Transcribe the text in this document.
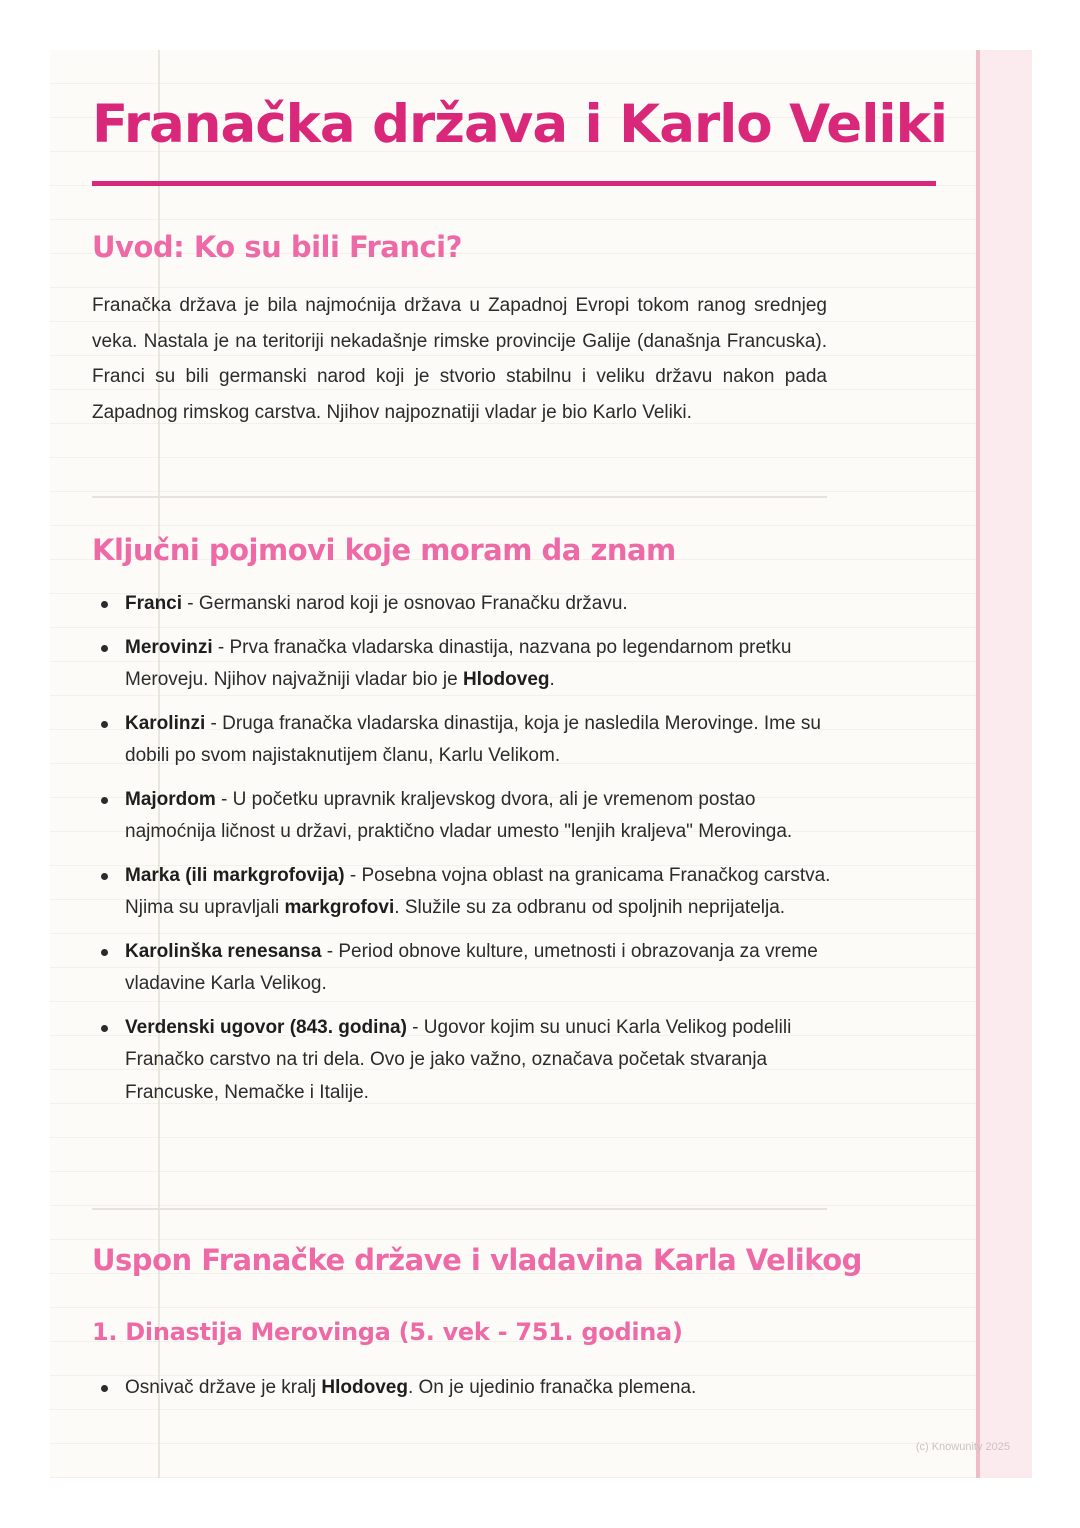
Franačka država i Karlo Veliki
Uvod: Ko su bili Franci?

Franačka država je bila najmoćnija država u Zapadnoj Evropi tokom ranog srednjeg veka. Nastala je na teritoriji nekadašnje rimske provincije Galije (današnja Francuska). Franci su bili germanski narod koji je stvorio stabilnu i veliku državu nakon pada Zapadnog rimskog carstva. Njihov najpoznatiji vladar je bio Karlo Veliki.

Ključni pojmovi koje moram da znam
Franci - Germanski narod koji je osnovao Franačku državu.
Merovinzi - Prva franačka vladarska dinastija, nazvana po legendarnom pretku Meroveju. Njihov najvažniji vladar bio je Hlodoveg.
Karolinzi - Druga franačka vladarska dinastija, koja je nasledila Merovinge. Ime su dobili po svom najistaknutijem članu, Karlu Velikom.
Majordom - U početku upravnik kraljevskog dvora, ali je vremenom postao najmoćnija ličnost u državi, praktično vladar umesto "lenjih kraljeva" Merovinga.
Marka (ili markgrofovija) - Posebna vojna oblast na granicama Franačkog carstva. Njima su upravljali markgrofovi. Služile su za odbranu od spoljnih neprijatelja.
Karolinška renesansa - Period obnove kulture, umetnosti i obrazovanja za vreme vladavine Karla Velikog.
Verdenski ugovor (843. godina) - Ugovor kojim su unuci Karla Velikog podelili Franačko carstvo na tri dela. Ovo je jako važno, označava početak stvaranja Francuske, Nemačke i Italije.
Uspon Franačke države i vladavina Karla Velikog
1. Dinastija Merovinga (5. vek - 751. godina)
Osnivač države je kralj Hlodoveg. On je ujedinio franačka plemena.
(c) Knowunity 2025
